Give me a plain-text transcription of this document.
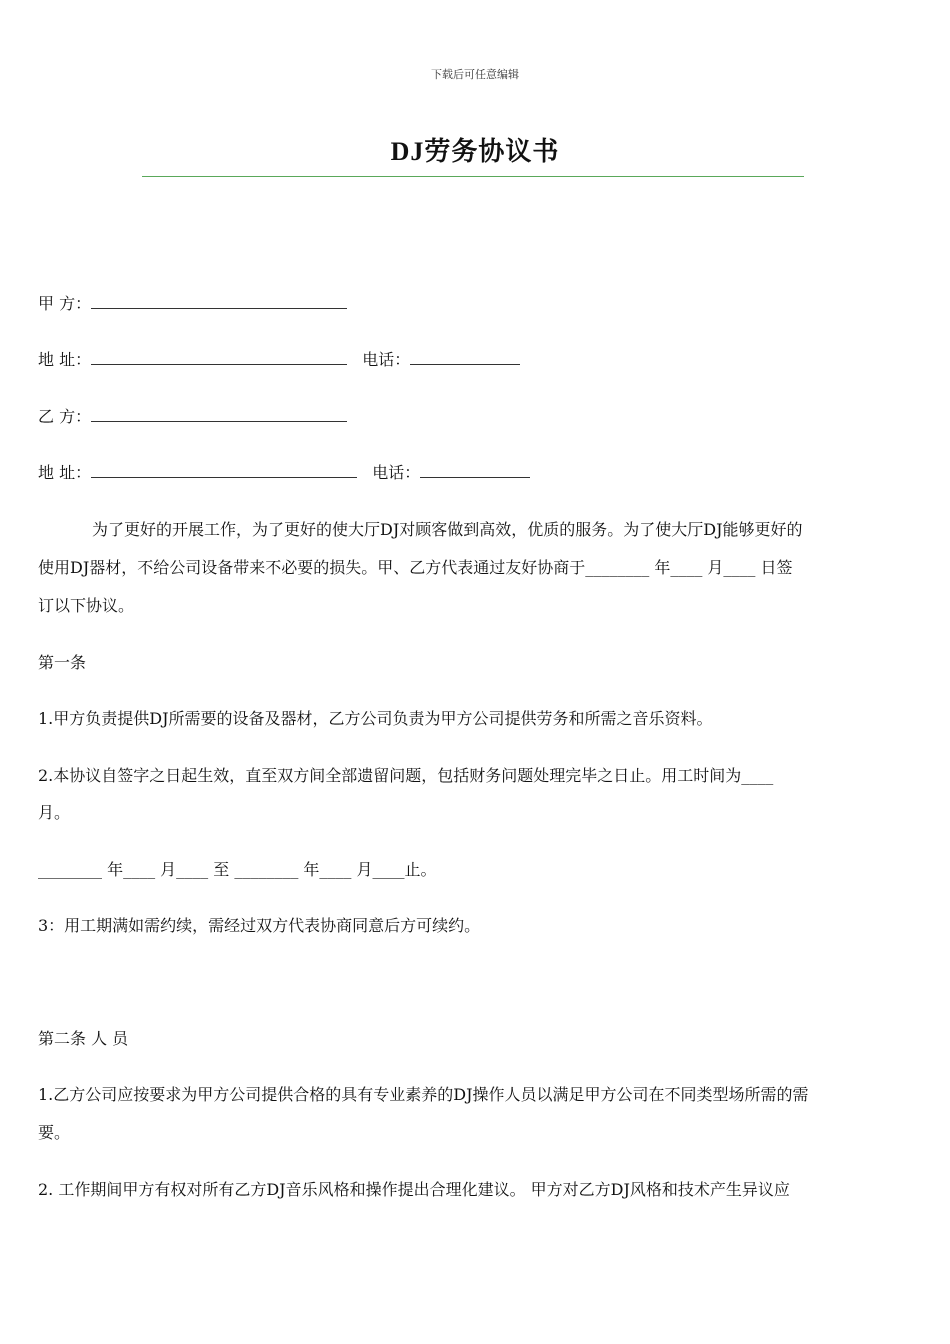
下载后可任意编辑
DJ劳务协议书
甲 方：
地 址：	电话：
乙 方：
地 址：	电话：
为了更好的开展工作，为了更好的使大厅DJ对顾客做到高效，优质的服务。为了使大厅DJ能够更好的
使用DJ器材，不给公司设备带来不必要的损失。甲、乙方代表通过友好协商于________ 年____ 月____ 日签
订以下协议。
第一条
1.甲方负责提供DJ所需要的设备及器材，乙方公司负责为甲方公司提供劳务和所需之音乐资料。
2.本协议自签字之日起生效，直至双方间全部遗留问题，包括财务问题处理完毕之日止。用工时间为____
月。
________ 年____ 月____ 至 ________ 年____ 月____止。
3：用工期满如需约续，需经过双方代表协商同意后方可续约。
第二条 人 员
1.乙方公司应按要求为甲方公司提供合格的具有专业素养的DJ操作人员以满足甲方公司在不同类型场所需的需
要。
2. 工作期间甲方有权对所有乙方DJ音乐风格和操作提出合理化建议。 甲方对乙方DJ风格和技术产生异议应
